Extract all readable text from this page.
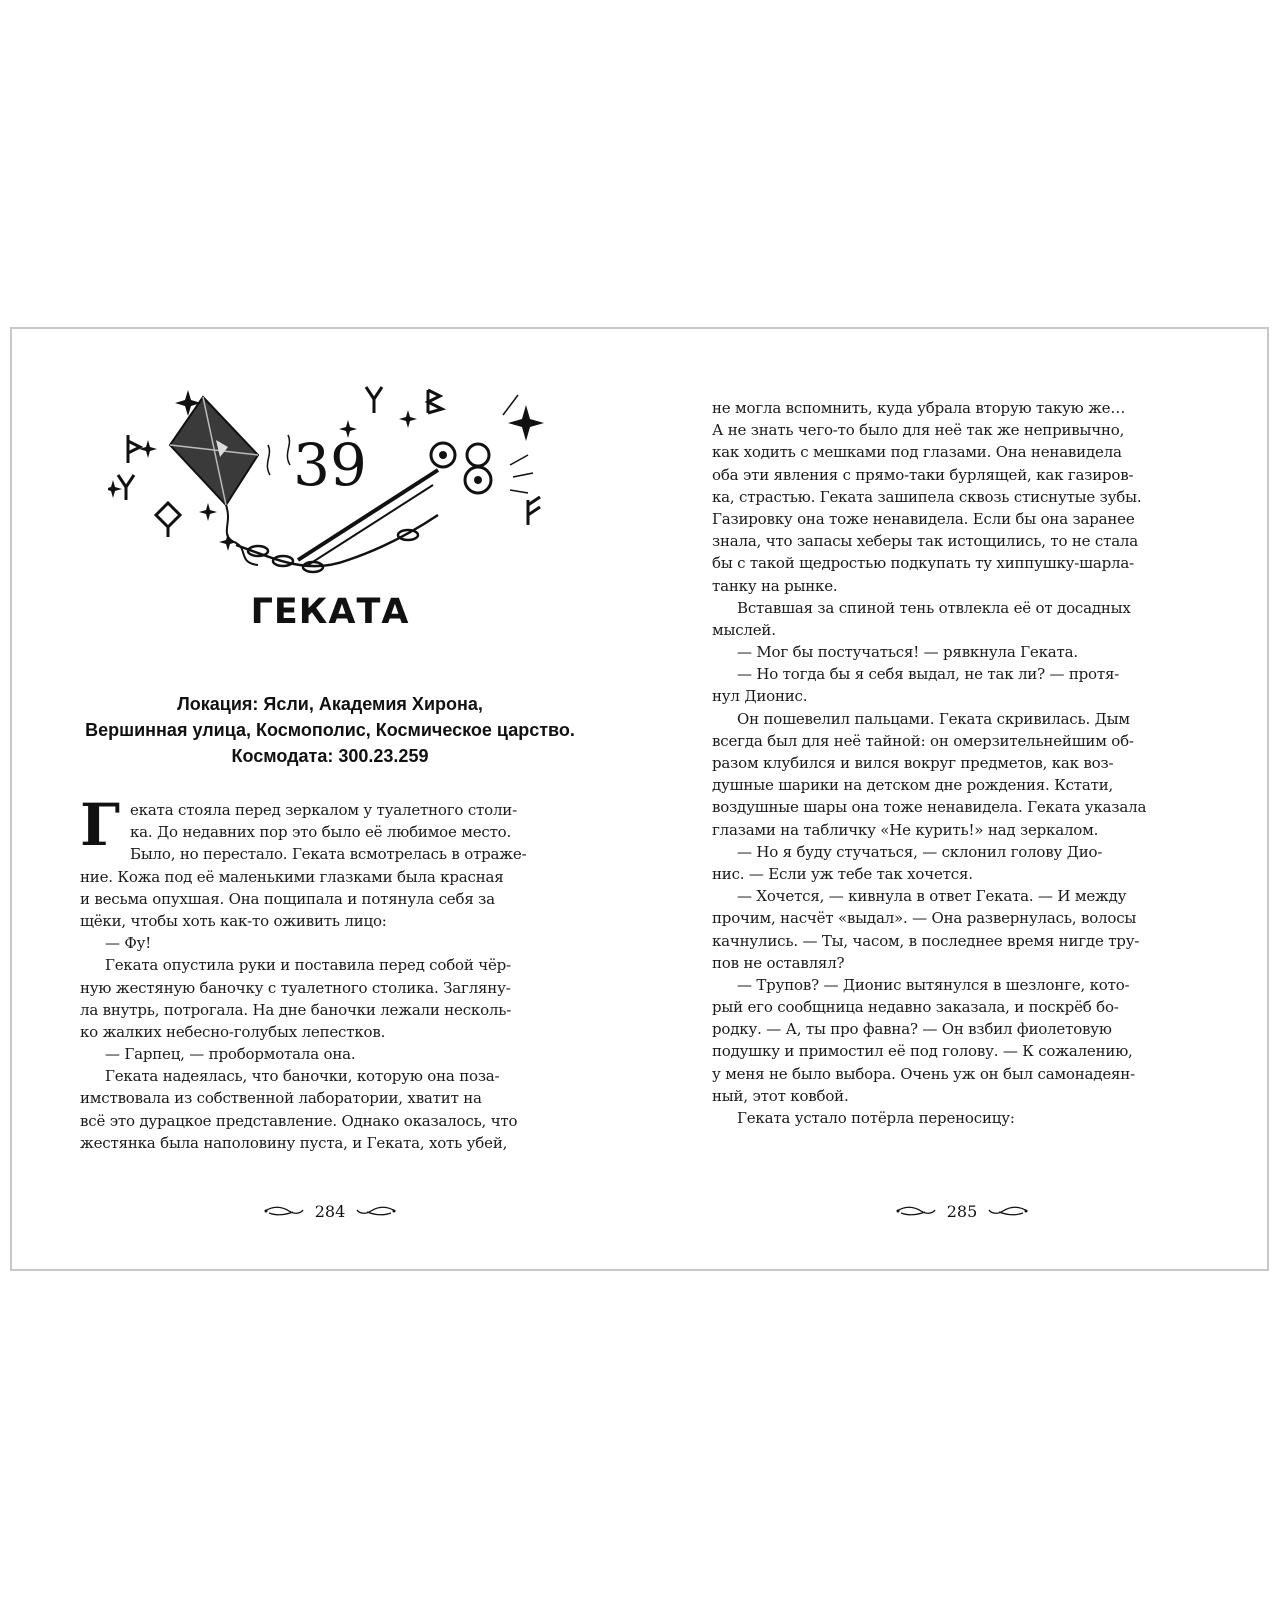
39
ГЕКАТА
Локация: Ясли, Академия Хирона,
Вершинная улица, Космополис, Космическое царство.
Космодата: 300.23.259
Г еката стояла перед зеркалом у туалетного столи-
ка. До недавних пор это было её любимое место.
Было, но перестало. Геката всмотрелась в отраже-
ние. Кожа под её маленькими глазками была красная
и весьма опухшая. Она пощипала и потянула себя за
щёки, чтобы хоть как-то оживить лицо:
— Фу!
Геката опустила руки и поставила перед собой чёр-
ную жестяную баночку с туалетного столика. Загляну-
ла внутрь, потрогала. На дне баночки лежали несколь-
ко жалких небесно-голубых лепестков.
— Гарпец, — пробормотала она.
Геката надеялась, что баночки, которую она поза-
имствовала из собственной лаборатории, хватит на
всё это дурацкое представление. Однако оказалось, что
жестянка была наполовину пуста, и Геката, хоть убей,
284
не могла вспомнить, куда убрала вторую такую же…
А не знать чего-то было для неё так же непривычно,
как ходить с мешками под глазами. Она ненавидела
оба эти явления с прямо-таки бурлящей, как газиров-
ка, страстью. Геката зашипела сквозь стиснутые зубы.
Газировку она тоже ненавидела. Если бы она заранее
знала, что запасы хеберы так истощились, то не стала
бы с такой щедростью подкупать ту хиппушку-шарла-
танку на рынке.
Вставшая за спиной тень отвлекла её от досадных
мыслей.
— Мог бы постучаться! — рявкнула Геката.
— Но тогда бы я себя выдал, не так ли? — протя-
нул Дионис.
Он пошевелил пальцами. Геката скривилась. Дым
всегда был для неё тайной: он омерзительнейшим об-
разом клубился и вился вокруг предметов, как воз-
душные шарики на детском дне рождения. Кстати,
воздушные шары она тоже ненавидела. Геката указала
глазами на табличку «Не курить!» над зеркалом.
— Но я буду стучаться, — склонил голову Дио-
нис. — Если уж тебе так хочется.
— Хочется, — кивнула в ответ Геката. — И между
прочим, насчёт «выдал». — Она развернулась, волосы
качнулись. — Ты, часом, в последнее время нигде тру-
пов не оставлял?
— Трупов? — Дионис вытянулся в шезлонге, кото-
рый его сообщница недавно заказала, и поскрёб бо-
родку. — А, ты про фавна? — Он взбил фиолетовую
подушку и примостил её под голову. — К сожалению,
у меня не было выбора. Очень уж он был самонадеян-
ный, этот ковбой.
Геката устало потёрла переносицу:
285
